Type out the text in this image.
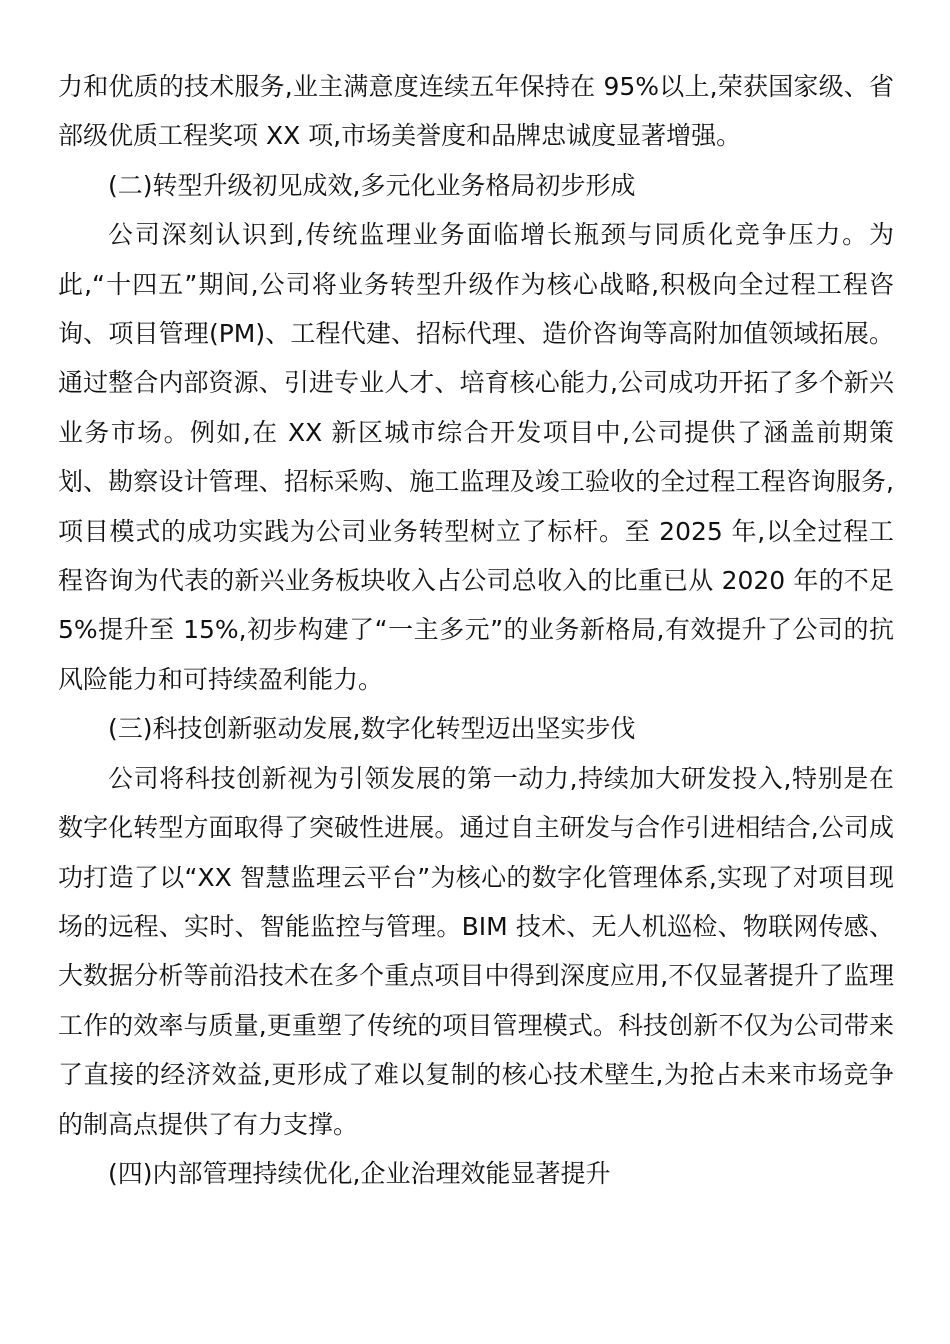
力和优质的技术服务,业主满意度连续五年保持在 95%以上,荣获国家级、省部级优质工程奖项 XX 项,市场美誉度和品牌忠诚度显著增强。

(二)转型升级初见成效,多元化业务格局初步形成

公司深刻认识到,传统监理业务面临增长瓶颈与同质化竞争压力。为此,“十四五”期间,公司将业务转型升级作为核心战略,积极向全过程工程咨询、项目管理(PM)、工程代建、招标代理、造价咨询等高附加值领域拓展。通过整合内部资源、引进专业人才、培育核心能力,公司成功开拓了多个新兴业务市场。例如,在 XX 新区城市综合开发项目中,公司提供了涵盖前期策划、勘察设计管理、招标采购、施工监理及竣工验收的全过程工程咨询服务,项目模式的成功实践为公司业务转型树立了标杆。至 2025 年,以全过程工程咨询为代表的新兴业务板块收入占公司总收入的比重已从 2020 年的不足 5%提升至 15%,初步构建了“一主多元”的业务新格局,有效提升了公司的抗风险能力和可持续盈利能力。

(三)科技创新驱动发展,数字化转型迈出坚实步伐

公司将科技创新视为引领发展的第一动力,持续加大研发投入,特别是在数字化转型方面取得了突破性进展。通过自主研发与合作引进相结合,公司成功打造了以“XX 智慧监理云平台”为核心的数字化管理体系,实现了对项目现场的远程、实时、智能监控与管理。BIM 技术、无人机巡检、物联网传感、大数据分析等前沿技术在多个重点项目中得到深度应用,不仅显著提升了监理工作的效率与质量,更重塑了传统的项目管理模式。科技创新不仅为公司带来了直接的经济效益,更形成了难以复制的核心技术壁生,为抢占未来市场竞争的制高点提供了有力支撑。

(四)内部管理持续优化,企业治理效能显著提升
